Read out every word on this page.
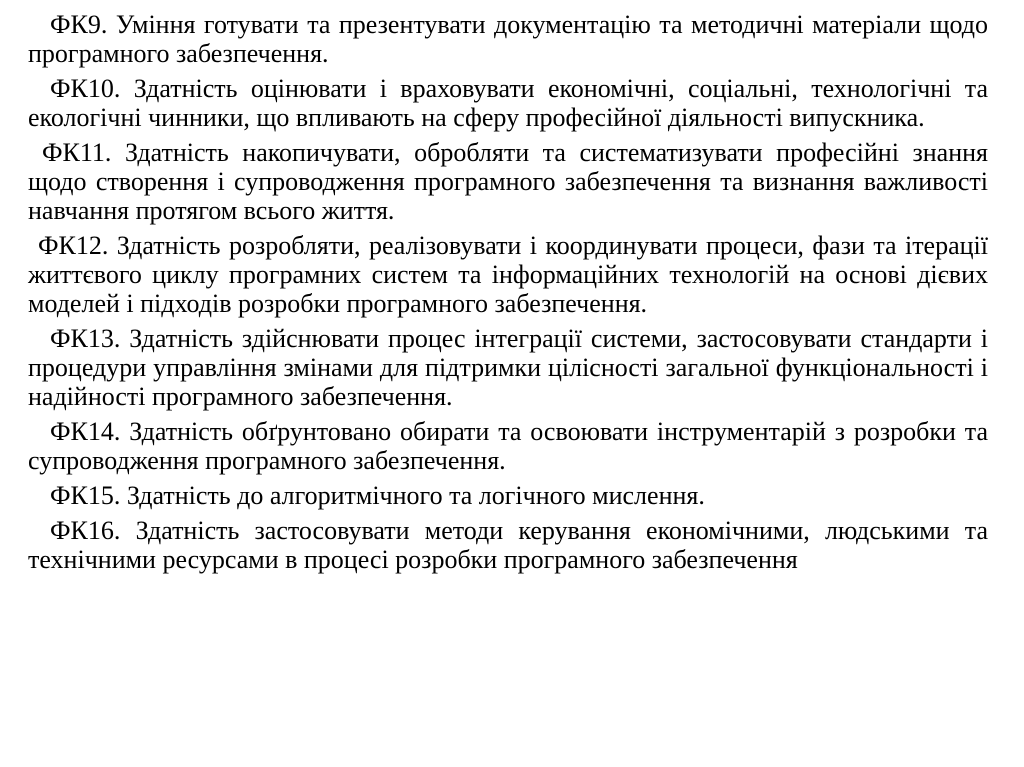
ФК9. Уміння готувати та презентувати документацію та методичні матеріали щодо програмного забезпечення.

ФК10. Здатність оцінювати і враховувати економічні, соціальні, технологічні та екологічні чинники, що впливають на сферу професійної діяльності випускника.

ФК11. Здатність накопичувати, обробляти та систематизувати професійні знання щодо створення і супроводження програмного забезпечення та визнання важливості навчання протягом всього життя.

ФК12. Здатність розробляти, реалізовувати і координувати процеси, фази та ітерації життєвого циклу програмних систем та інформаційних технологій на основі дієвих моделей і підходів розробки програмного забезпечення.

ФК13. Здатність здійснювати процес інтеграції системи, застосовувати стандарти і процедури управління змінами для підтримки цілісності загальної функціональності і надійності програмного забезпечення.

ФК14. Здатність обґрунтовано обирати та освоювати інструментарій з розробки та супроводження програмного забезпечення.

ФК15. Здатність до алгоритмічного та логічного мислення.

ФК16. Здатність застосовувати методи керування економічними, людськими та технічними ресурсами в процесі розробки програмного забезпечення
